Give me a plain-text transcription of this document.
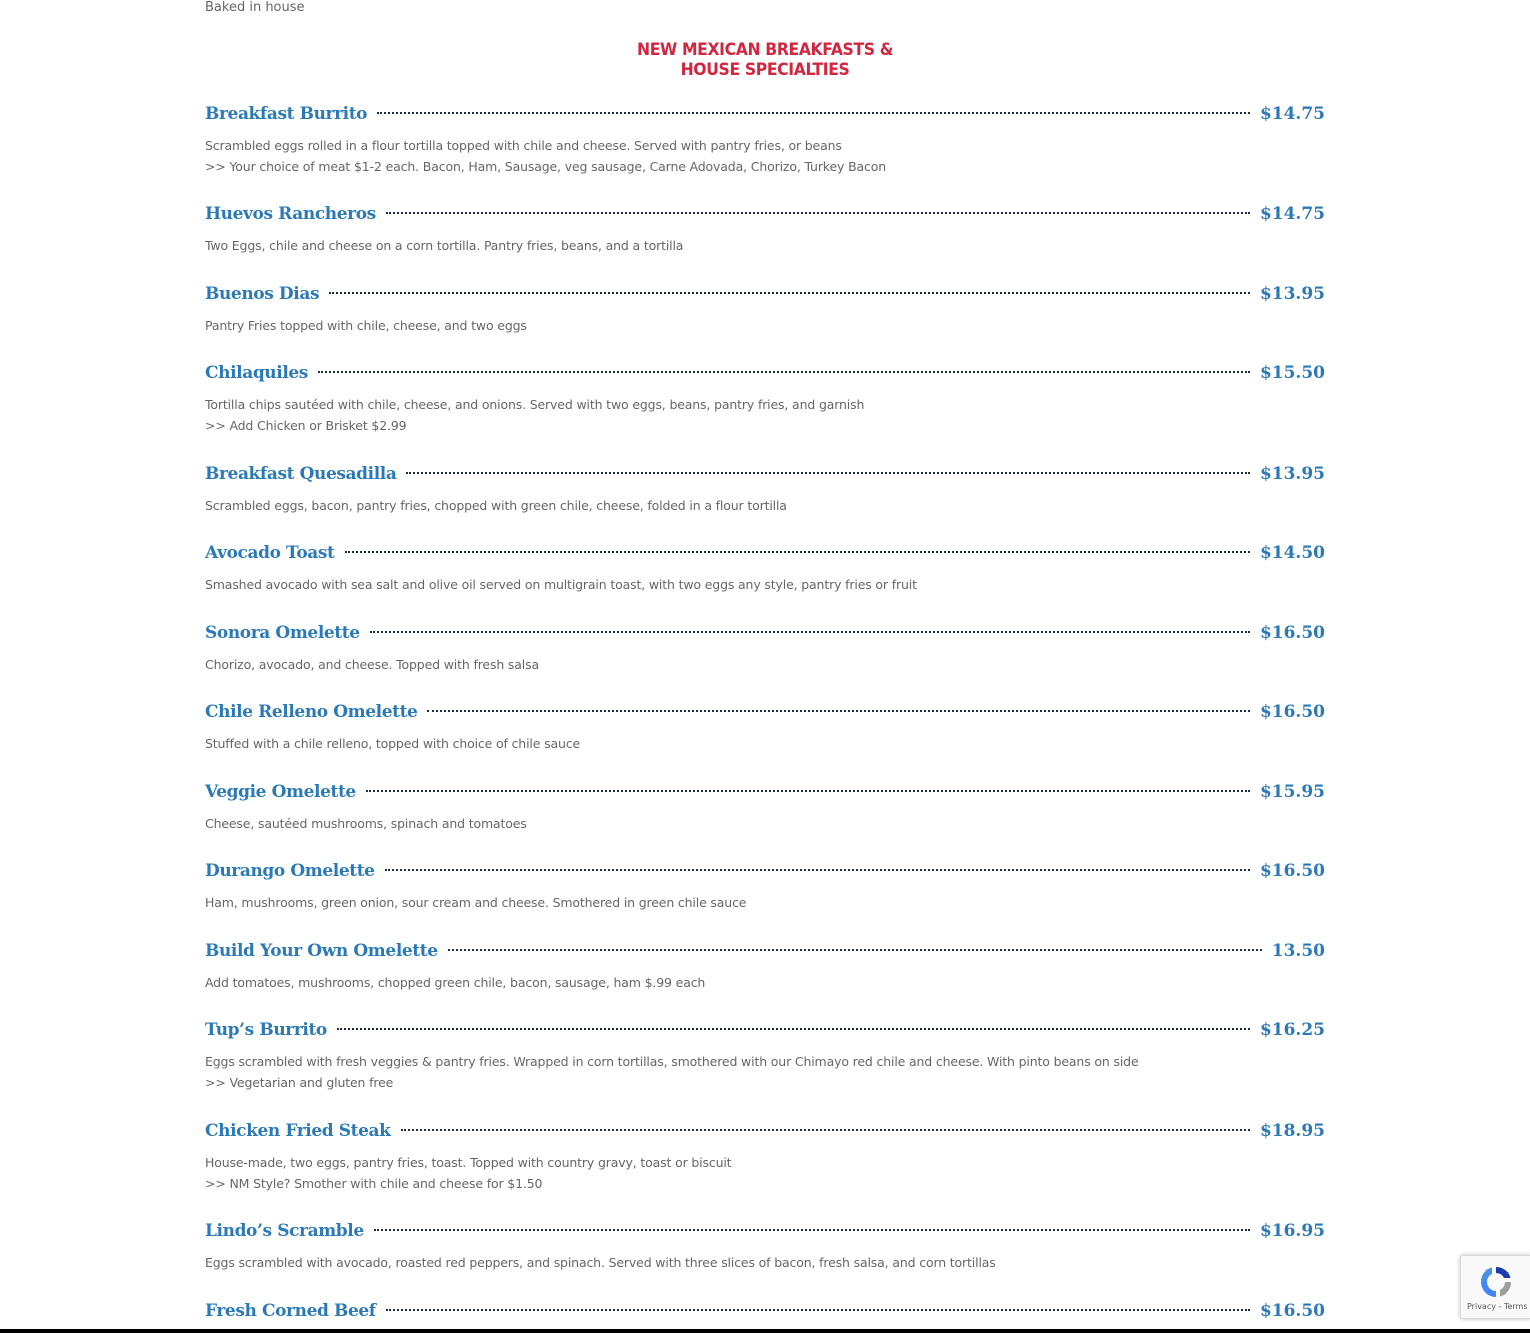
Baked in house
NEW MEXICAN BREAKFASTS &
HOUSE SPECIALTIES
Breakfast Burrito	$14.75
Scrambled eggs rolled in a flour tortilla topped with chile and cheese. Served with pantry fries, or beans
>> Your choice of meat $1-2 each. Bacon, Ham, Sausage, veg sausage, Carne Adovada, Chorizo, Turkey Bacon
Huevos Rancheros	$14.75
Two Eggs, chile and cheese on a corn tortilla. Pantry fries, beans, and a tortilla
Buenos Dias	$13.95
Pantry Fries topped with chile, cheese, and two eggs
Chilaquiles	$15.50
Tortilla chips sautéed with chile, cheese, and onions. Served with two eggs, beans, pantry fries, and garnish
>> Add Chicken or Brisket $2.99
Breakfast Quesadilla	$13.95
Scrambled eggs, bacon, pantry fries, chopped with green chile, cheese, folded in a flour tortilla
Avocado Toast	$14.50
Smashed avocado with sea salt and olive oil served on multigrain toast, with two eggs any style, pantry fries or fruit
Sonora Omelette	$16.50
Chorizo, avocado, and cheese. Topped with fresh salsa
Chile Relleno Omelette	$16.50
Stuffed with a chile relleno, topped with choice of chile sauce
Veggie Omelette	$15.95
Cheese, sautéed mushrooms, spinach and tomatoes
Durango Omelette	$16.50
Ham, mushrooms, green onion, sour cream and cheese. Smothered in green chile sauce
Build Your Own Omelette	13.50
Add tomatoes, mushrooms, chopped green chile, bacon, sausage, ham $.99 each
Tup’s Burrito	$16.25
Eggs scrambled with fresh veggies & pantry fries. Wrapped in corn tortillas, smothered with our Chimayo red chile and cheese. With pinto beans on side
>> Vegetarian and gluten free
Chicken Fried Steak	$18.95
House-made, two eggs, pantry fries, toast. Topped with country gravy, toast or biscuit
>> NM Style? Smother with chile and cheese for $1.50
Lindo’s Scramble	$16.95
Eggs scrambled with avocado, roasted red peppers, and spinach. Served with three slices of bacon, fresh salsa, and corn tortillas
Fresh Corned Beef	$16.50	Privacy - Terms
